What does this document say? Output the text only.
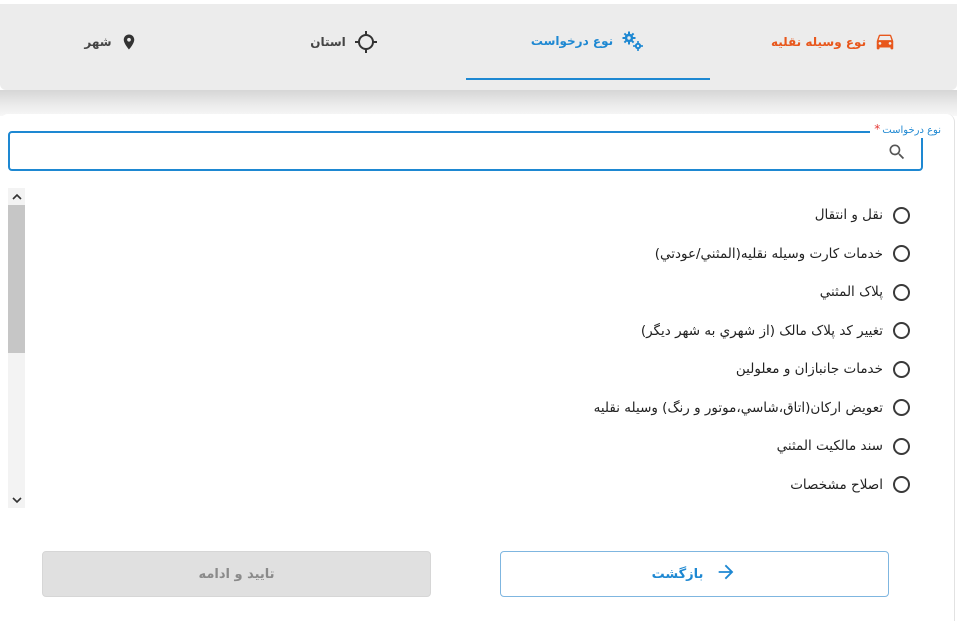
نوع وسيله نقليه
نوع درخواست
استان
شهر
نوع درخواست*
نقل و انتقال
خدمات كارت وسيله نقليه(المثني/عودتي)
پلاک المثني
تغيير کد پلاک مالک (از شهري به شهر ديگر)
خدمات جانبازان و معلولين
تعويض اركان(اتاق،شاسي،موتور و رنگ) وسيله نقليه
سند مالكيت المثني
اصلاح مشخصات
بازگشت
تاييد و ادامه
